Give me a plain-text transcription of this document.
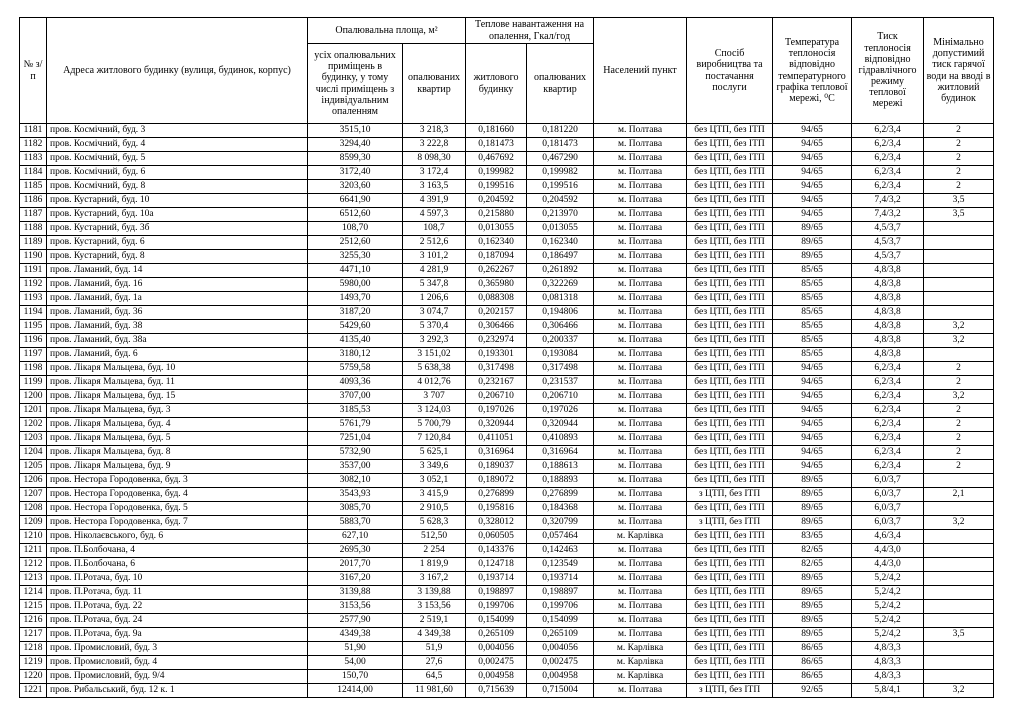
№ з/п	Адреса житлового будинку (вулиця, будинок, корпус)	Опалювальна площа, м²		Теплове навантаження на опалення, Гкал/год		Населений пункт	Спосіб виробництва та постачання послуги	Температура теплоносія відповідно температурного графіка теплової мережі, ⁰С	Тиск теплоносія відповідно гідравлічного режиму теплової мережі	Мінімально допустимий тиск гарячої води на вводі в житловий будинок
		усіх опалювальних приміщень в будинку, у тому числі приміщень з індивідуальним опаленням	опалюваних квартир	житлового будинку	опалюваних квартир					
1181	пров. Космічний, буд. 3	3515,10	3 218,3	0,181660	0,181220	м. Полтава	без ЦТП, без ІТП	94/65	6,2/3,4	2
1182	пров. Космічний, буд. 4	3294,40	3 222,8	0,181473	0,181473	м. Полтава	без ЦТП, без ІТП	94/65	6,2/3,4	2
1183	пров. Космічний, буд. 5	8599,30	8 098,30	0,467692	0,467290	м. Полтава	без ЦТП, без ІТП	94/65	6,2/3,4	2
1184	пров. Космічний, буд. 6	3172,40	3 172,4	0,199982	0,199982	м. Полтава	без ЦТП, без ІТП	94/65	6,2/3,4	2
1185	пров. Космічний, буд. 8	3203,60	3 163,5	0,199516	0,199516	м. Полтава	без ЦТП, без ІТП	94/65	6,2/3,4	2
1186	пров. Кустарний, буд. 10	6641,90	4 391,9	0,204592	0,204592	м. Полтава	без ЦТП, без ІТП	94/65	7,4/3,2	3,5
1187	пров. Кустарний, буд. 10а	6512,60	4 597,3	0,215880	0,213970	м. Полтава	без ЦТП, без ІТП	94/65	7,4/3,2	3,5
1188	пров. Кустарний, буд. 3б	108,70	108,7	0,013055	0,013055	м. Полтава	без ЦТП, без ІТП	89/65	4,5/3,7	
1189	пров. Кустарний, буд. 6	2512,60	2 512,6	0,162340	0,162340	м. Полтава	без ЦТП, без ІТП	89/65	4,5/3,7	
1190	пров. Кустарний, буд. 8	3255,30	3 101,2	0,187094	0,186497	м. Полтава	без ЦТП, без ІТП	89/65	4,5/3,7	
1191	пров. Ламаний, буд. 14	4471,10	4 281,9	0,262267	0,261892	м. Полтава	без ЦТП, без ІТП	85/65	4,8/3,8	
1192	пров. Ламаний, буд. 16	5980,00	5 347,8	0,365980	0,322269	м. Полтава	без ЦТП, без ІТП	85/65	4,8/3,8	
1193	пров. Ламаний, буд. 1а	1493,70	1 206,6	0,088308	0,081318	м. Полтава	без ЦТП, без ІТП	85/65	4,8/3,8	
1194	пров. Ламаний, буд. 36	3187,20	3 074,7	0,202157	0,194806	м. Полтава	без ЦТП, без ІТП	85/65	4,8/3,8	
1195	пров. Ламаний, буд. 38	5429,60	5 370,4	0,306466	0,306466	м. Полтава	без ЦТП, без ІТП	85/65	4,8/3,8	3,2
1196	пров. Ламаний, буд. 38а	4135,40	3 292,3	0,232974	0,200337	м. Полтава	без ЦТП, без ІТП	85/65	4,8/3,8	3,2
1197	пров. Ламаний, буд. 6	3180,12	3 151,02	0,193301	0,193084	м. Полтава	без ЦТП, без ІТП	85/65	4,8/3,8	
1198	пров. Лікаря Мальцева, буд. 10	5759,58	5 638,38	0,317498	0,317498	м. Полтава	без ЦТП, без ІТП	94/65	6,2/3,4	2
1199	пров. Лікаря Мальцева, буд. 11	4093,36	4 012,76	0,232167	0,231537	м. Полтава	без ЦТП, без ІТП	94/65	6,2/3,4	2
1200	пров. Лікаря Мальцева, буд. 15	3707,00	3 707	0,206710	0,206710	м. Полтава	без ЦТП, без ІТП	94/65	6,2/3,4	3,2
1201	пров. Лікаря Мальцева, буд. 3	3185,53	3 124,03	0,197026	0,197026	м. Полтава	без ЦТП, без ІТП	94/65	6,2/3,4	2
1202	пров. Лікаря Мальцева, буд. 4	5761,79	5 700,79	0,320944	0,320944	м. Полтава	без ЦТП, без ІТП	94/65	6,2/3,4	2
1203	пров. Лікаря Мальцева, буд. 5	7251,04	7 120,84	0,411051	0,410893	м. Полтава	без ЦТП, без ІТП	94/65	6,2/3,4	2
1204	пров. Лікаря Мальцева, буд. 8	5732,90	5 625,1	0,316964	0,316964	м. Полтава	без ЦТП, без ІТП	94/65	6,2/3,4	2
1205	пров. Лікаря Мальцева, буд. 9	3537,00	3 349,6	0,189037	0,188613	м. Полтава	без ЦТП, без ІТП	94/65	6,2/3,4	2
1206	пров. Нестора Городовенка, буд. 3	3082,10	3 052,1	0,189072	0,188893	м. Полтава	без ЦТП, без ІТП	89/65	6,0/3,7	
1207	пров. Нестора Городовенка, буд. 4	3543,93	3 415,9	0,276899	0,276899	м. Полтава	з ЦТП, без ІТП	89/65	6,0/3,7	2,1
1208	пров. Нестора Городовенка, буд. 5	3085,70	2 910,5	0,195816	0,184368	м. Полтава	без ЦТП, без ІТП	89/65	6,0/3,7	
1209	пров. Нестора Городовенка, буд. 7	5883,70	5 628,3	0,328012	0,320799	м. Полтава	з ЦТП, без ІТП	89/65	6,0/3,7	3,2
1210	пров. Ніколаєвського, буд. 6	627,10	512,50	0,060505	0,057464	м. Карлівка	без ЦТП, без ІТП	83/65	4,6/3,4	
1211	пров. П.Болбочана, 4	2695,30	2 254	0,143376	0,142463	м. Полтава	без ЦТП, без ІТП	82/65	4,4/3,0	
1212	пров. П.Болбочана, 6	2017,70	1 819,9	0,124718	0,123549	м. Полтава	без ЦТП, без ІТП	82/65	4,4/3,0	
1213	пров. П.Ротача, буд. 10	3167,20	3 167,2	0,193714	0,193714	м. Полтава	без ЦТП, без ІТП	89/65	5,2/4,2	
1214	пров. П.Ротача, буд. 11	3139,88	3 139,88	0,198897	0,198897	м. Полтава	без ЦТП, без ІТП	89/65	5,2/4,2	
1215	пров. П.Ротача, буд. 22	3153,56	3 153,56	0,199706	0,199706	м. Полтава	без ЦТП, без ІТП	89/65	5,2/4,2	
1216	пров. П.Ротача, буд. 24	2577,90	2 519,1	0,154099	0,154099	м. Полтава	без ЦТП, без ІТП	89/65	5,2/4,2	
1217	пров. П.Ротача, буд. 9а	4349,38	4 349,38	0,265109	0,265109	м. Полтава	без ЦТП, без ІТП	89/65	5,2/4,2	3,5
1218	пров. Промисловий, буд. 3	51,90	51,9	0,004056	0,004056	м. Карлівка	без ЦТП, без ІТП	86/65	4,8/3,3	
1219	пров. Промисловий, буд. 4	54,00	27,6	0,002475	0,002475	м. Карлівка	без ЦТП, без ІТП	86/65	4,8/3,3	
1220	пров. Промисловий, буд. 9/4	150,70	64,5	0,004958	0,004958	м. Карлівка	без ЦТП, без ІТП	86/65	4,8/3,3	
1221	пров. Рибальський, буд. 12 к. 1	12414,00	11 981,60	0,715639	0,715004	м. Полтава	з ЦТП, без ІТП	92/65	5,8/4,1	3,2
